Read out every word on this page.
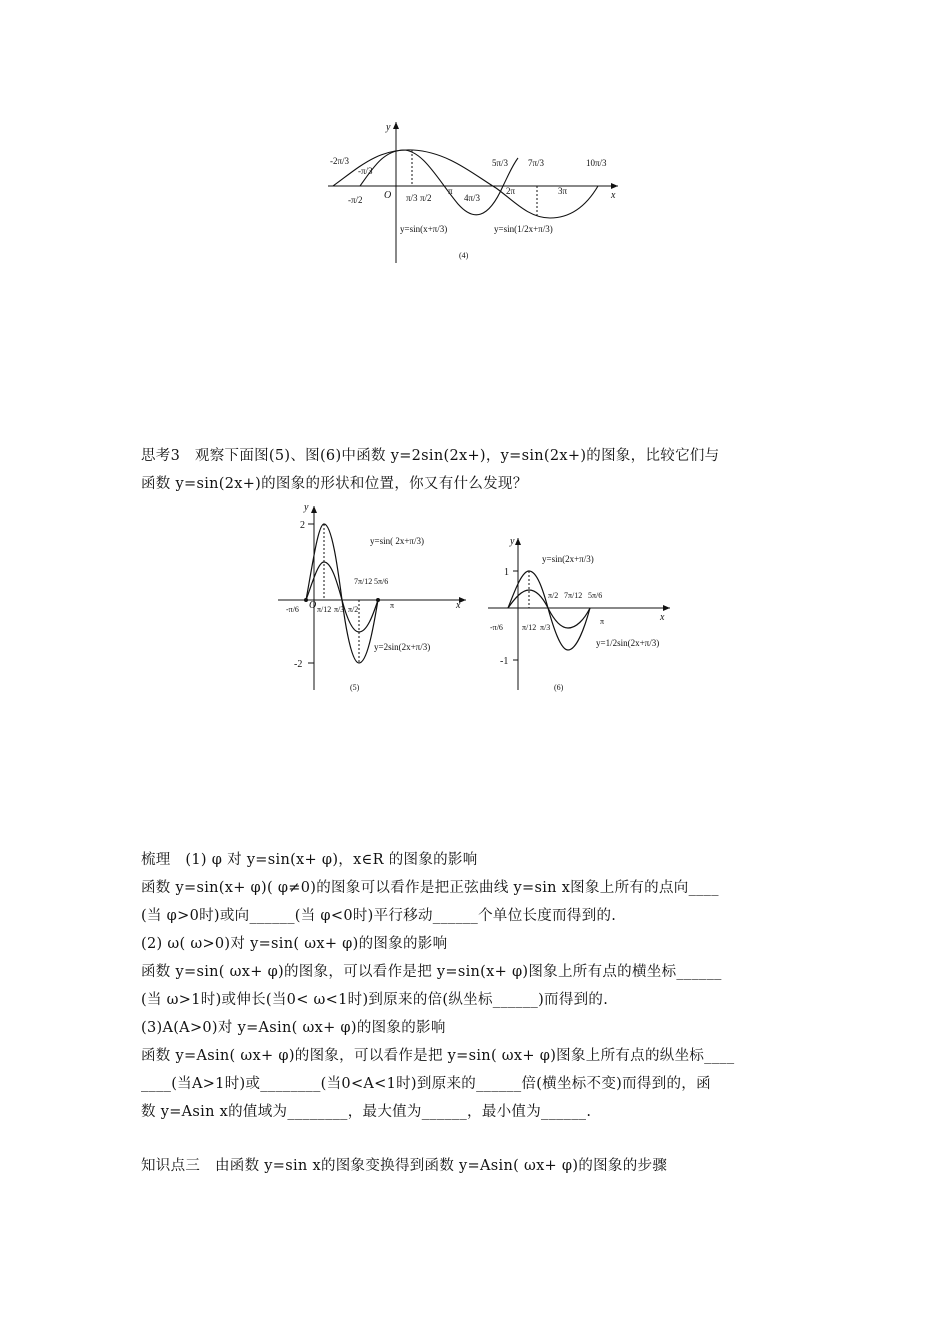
y
x
O
-2π/3
-π/3
5π/3 7π/3	10π/3
-π/2	π/3 π/2
π
4π/3
2π	3π
y=sin(x+π/3)	y=sin(1/2x+π/3)
(4)
思考3　观察下面图(5)、图(6)中函数 y=2sin(2x+)，y=sin(2x+)的图象，比较它们与
函数 y=sin(2x+)的图象的形状和位置，你又有什么发现？
y
x
O
2
-2
-π/6 π/12 π/3 π/2
7π/12 5π/6
π
y=sin( 2x+π/3)
y=2sin(2x+π/3)
(5)
y
x
1
-1
-π/6 π/12 π/3
π/2 7π/12 5π/6
π
y=sin(2x+π/3)
y=1/2sin(2x+π/3)
(6)
梳理　(1) φ 对 y=sin(x+ φ)，x∈R 的图象的影响
函数 y=sin(x+ φ)( φ≠0)的图象可以看作是把正弦曲线 y=sin x图象上所有的点向____
(当 φ>0时)或向______(当 φ<0时)平行移动______个单位长度而得到的.
(2) ω( ω>0)对 y=sin( ωx+ φ)的图象的影响
函数 y=sin( ωx+ φ)的图象，可以看作是把 y=sin(x+ φ)图象上所有点的横坐标______
(当 ω>1时)或伸长(当0< ω<1时)到原来的倍(纵坐标______)而得到的.
(3)A(A>0)对 y=Asin( ωx+ φ)的图象的影响
函数 y=Asin( ωx+ φ)的图象，可以看作是把 y=sin( ωx+ φ)图象上所有点的纵坐标____
____(当A>1时)或________(当0<A<1时)到原来的______倍(横坐标不变)而得到的，函
数 y=Asin x的值域为________，最大值为______，最小值为______.
知识点三　由函数 y=sin x的图象变换得到函数 y=Asin( ωx+ φ)的图象的步骤
